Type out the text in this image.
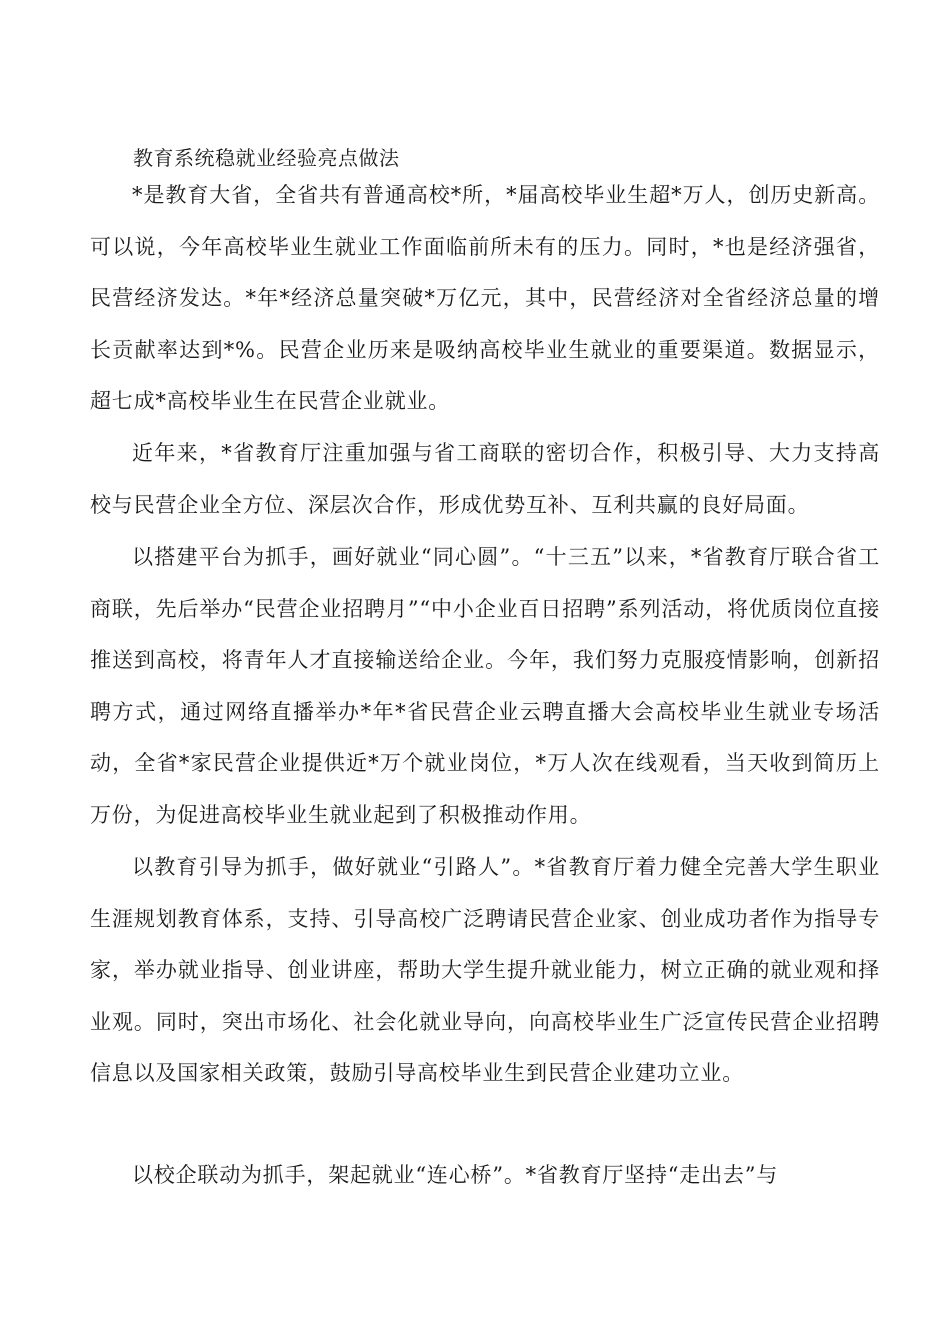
教育系统稳就业经验亮点做法

*是教育大省，全省共有普通高校*所，*届高校毕业生超*万人，创历史新高。可以说，今年高校毕业生就业工作面临前所未有的压力。同时，*也是经济强省，民营经济发达。*年*经济总量突破*万亿元，其中，民营经济对全省经济总量的增长贡献率达到*%。民营企业历来是吸纳高校毕业生就业的重要渠道。数据显示，超七成*高校毕业生在民营企业就业。

近年来，*省教育厅注重加强与省工商联的密切合作，积极引导、大力支持高校与民营企业全方位、深层次合作，形成优势互补、互利共赢的良好局面。

以搭建平台为抓手，画好就业“同心圆”。“十三五”以来，*省教育厅联合省工商联，先后举办“民营企业招聘月”“中小企业百日招聘”系列活动，将优质岗位直接推送到高校，将青年人才直接输送给企业。今年，我们努力克服疫情影响，创新招聘方式，通过网络直播举办*年*省民营企业云聘直播大会高校毕业生就业专场活动，全省*家民营企业提供近*万个就业岗位，*万人次在线观看，当天收到简历上万份，为促进高校毕业生就业起到了积极推动作用。

以教育引导为抓手，做好就业“引路人”。*省教育厅着力健全完善大学生职业生涯规划教育体系，支持、引导高校广泛聘请民营企业家、创业成功者作为指导专家，举办就业指导、创业讲座，帮助大学生提升就业能力，树立正确的就业观和择业观。同时，突出市场化、社会化就业导向，向高校毕业生广泛宣传民营企业招聘信息以及国家相关政策，鼓励引导高校毕业生到民营企业建功立业。

以校企联动为抓手，架起就业“连心桥”。*省教育厅坚持“走出去”与
